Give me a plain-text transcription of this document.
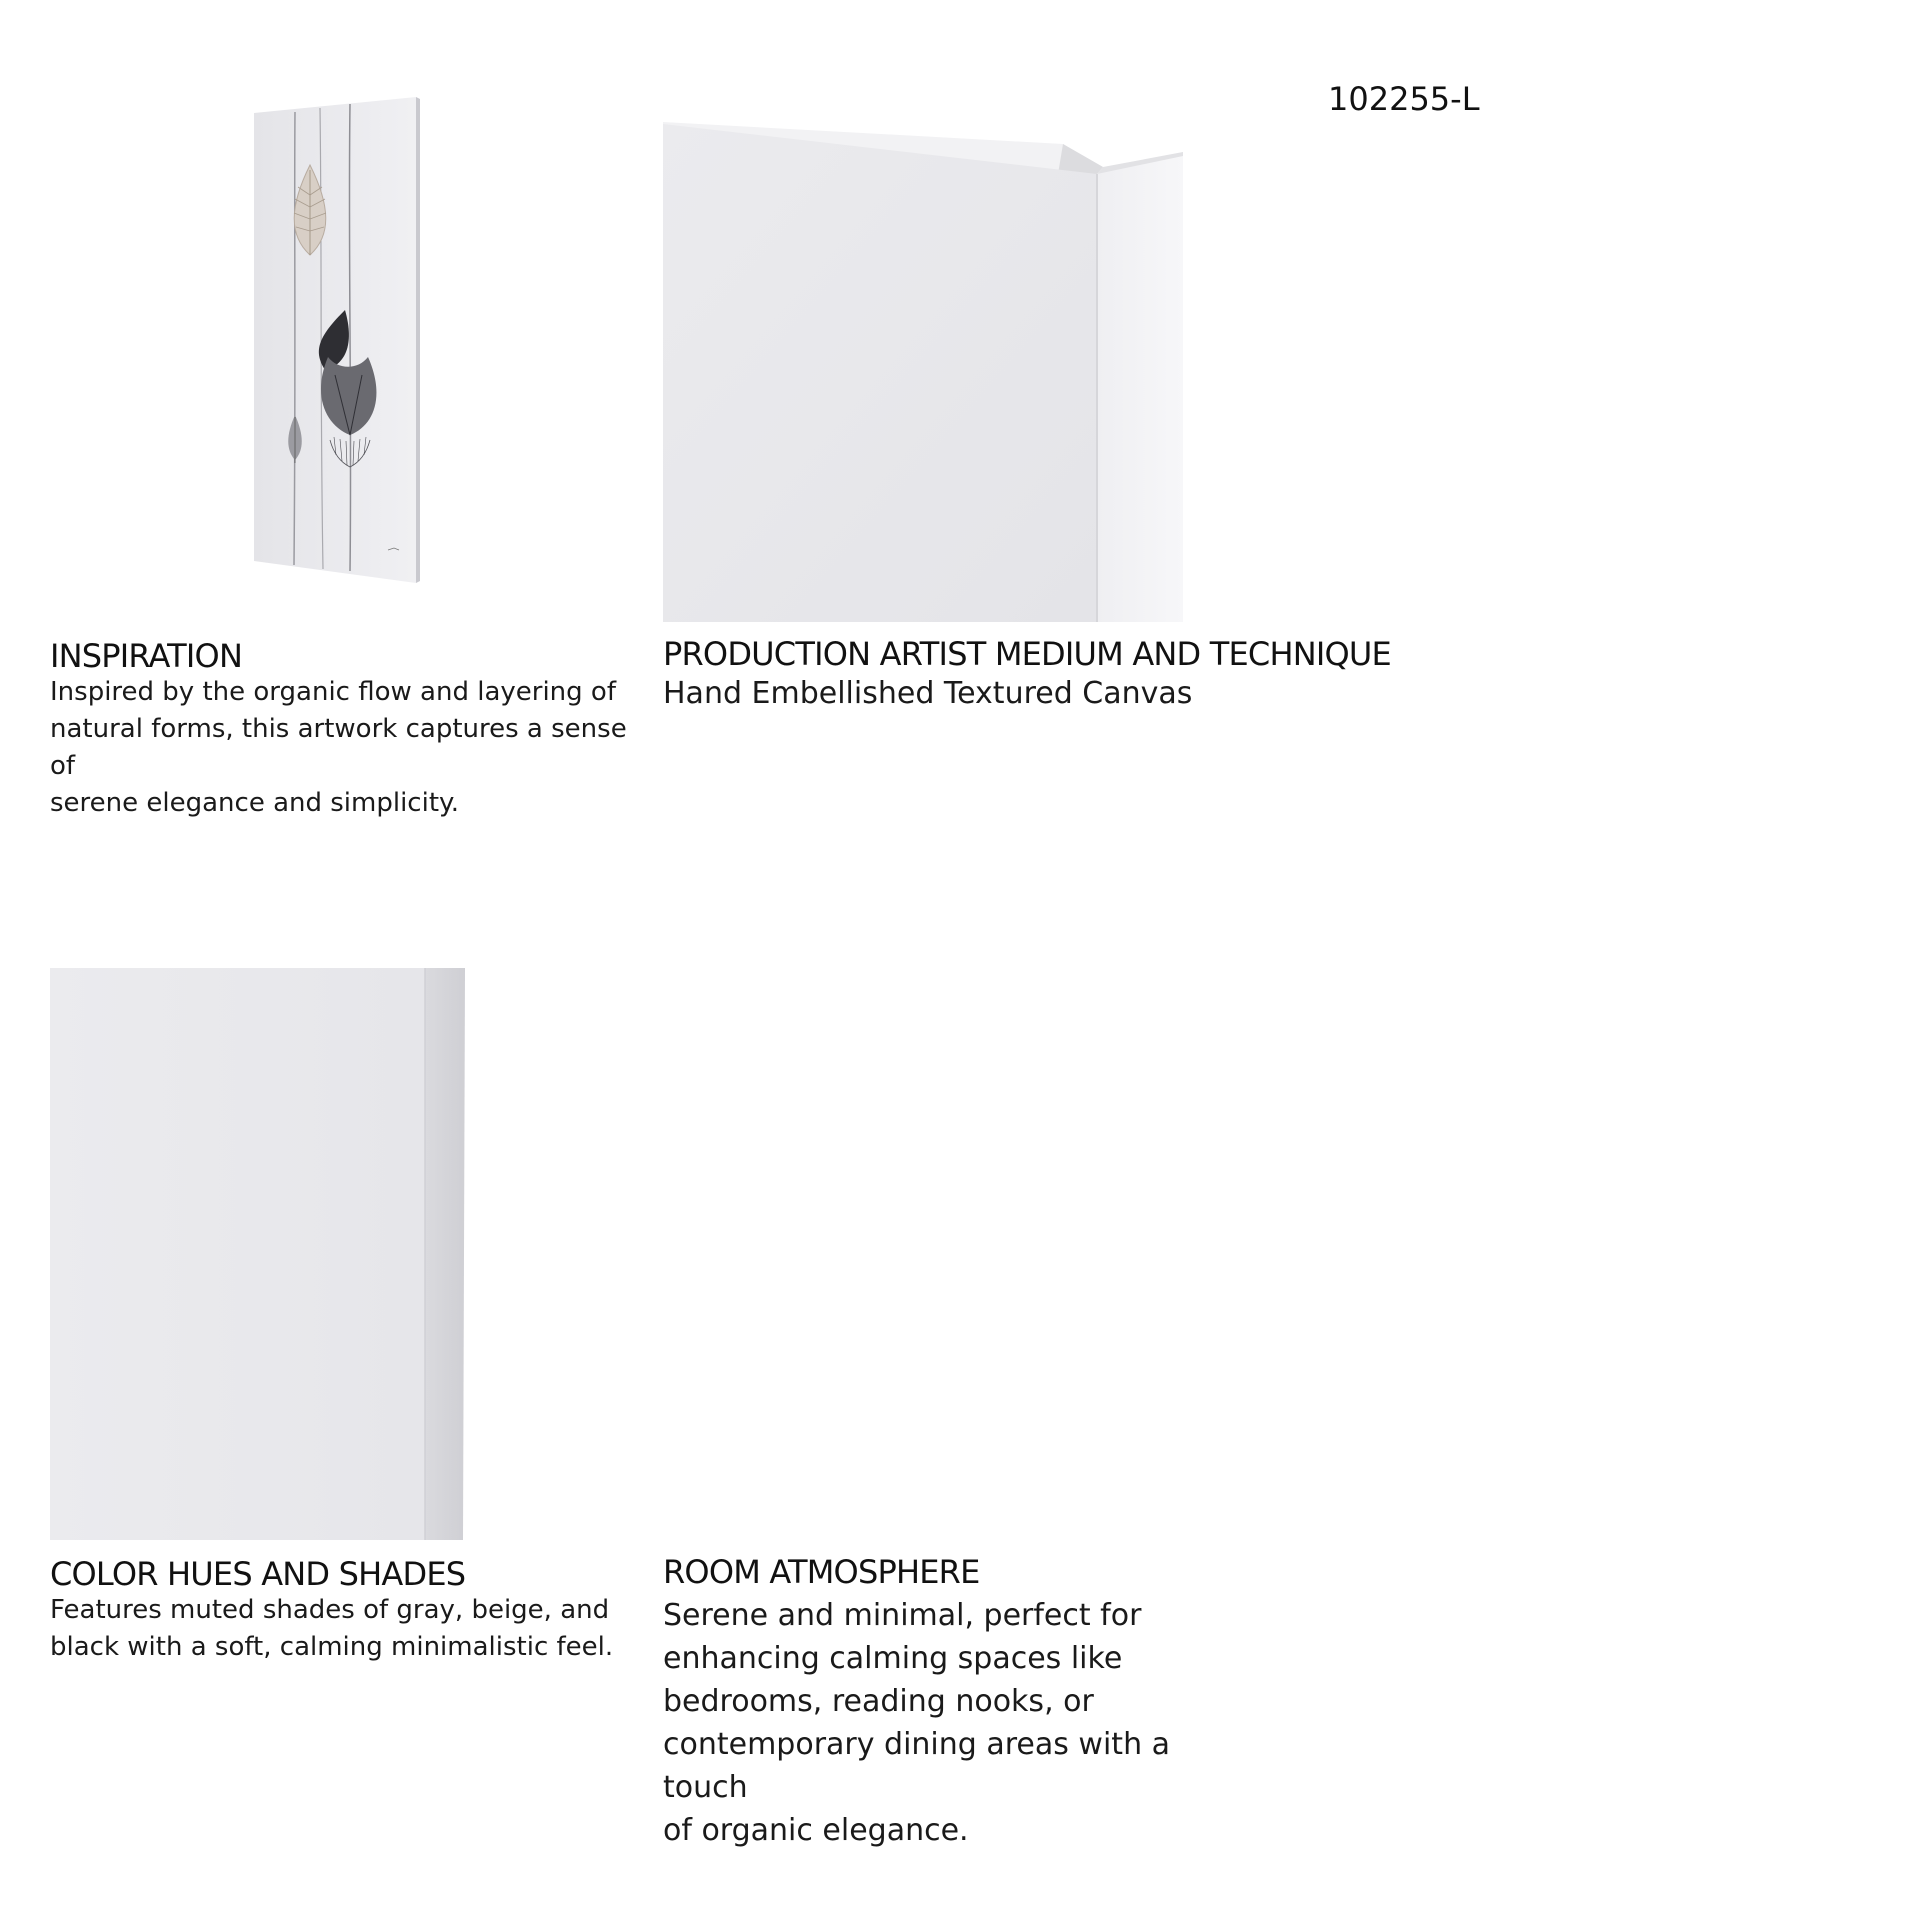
102255-L
INSPIRATION
Inspired by the organic flow and layering of
natural forms, this artwork captures a sense of
serene elegance and simplicity.
PRODUCTION ARTIST MEDIUM AND TECHNIQUE
Hand Embellished Textured Canvas
COLOR HUES AND SHADES
Features muted shades of gray, beige, and
black with a soft, calming minimalistic feel.
ROOM ATMOSPHERE
Serene and minimal, perfect for
enhancing calming spaces like
bedrooms, reading nooks, or
contemporary dining areas with a touch
of organic elegance.
